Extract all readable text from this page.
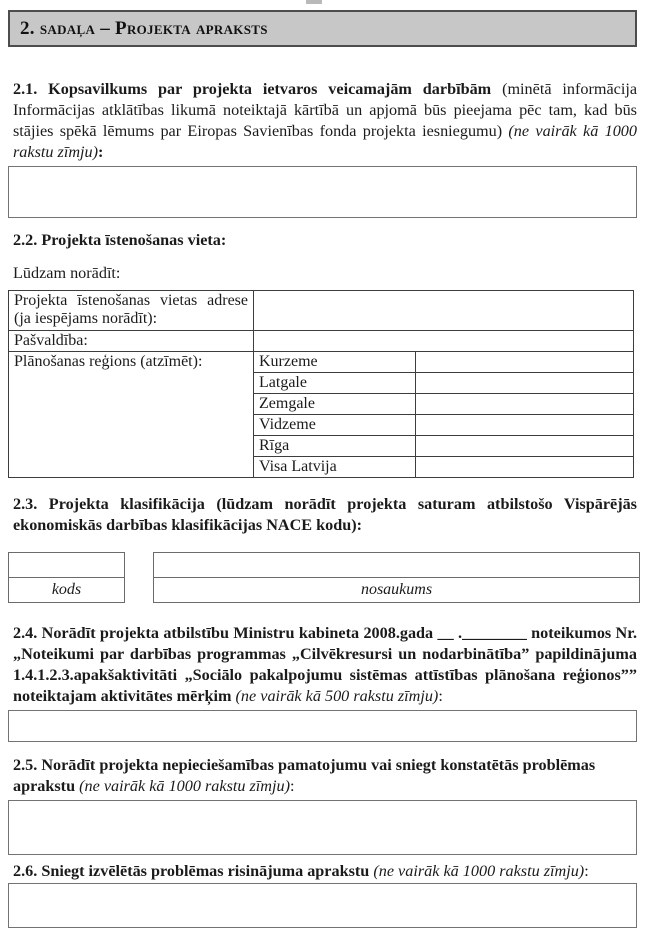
2. sadaļa – Projekta apraksts
2.1. Kopsavilkums par projekta ietvaros veicamajām darbībām (minētā informācija Informācijas atklātības likumā noteiktajā kārtībā un apjomā būs pieejama pēc tam, kad būs stājies spēkā lēmums par Eiropas Savienības fonda projekta iesniegumu) (ne vairāk kā 1000 rakstu zīmju):
2.2. Projekta īstenošanas vieta:
Lūdzam norādīt:
Projekta īstenošanas vietas adrese (ja iespējams norādīt):		
Pašvaldība:		
Plānošanas reģions (atzīmēt):	Kurzeme	
	Latgale	
	Zemgale	
	Vidzeme	
	Rīga	
	Visa Latvija	
2.3. Projekta klasifikācija (lūdzam norādīt projekta saturam atbilstošo Vispārējās ekonomiskās darbības klasifikācijas NACE kodu):

kods	nosaukums
2.4. Norādīt projekta atbilstību Ministru kabineta 2008.gada __ .________ noteikumos Nr. „Noteikumi par darbības programmas „Cilvēkresursi un nodarbinātība” papildinājuma 1.4.1.2.3.apakšaktivitāti „Sociālo pakalpojumu sistēmas attīstības plānošana reģionos”” noteiktajam aktivitātes mērķim (ne vairāk kā 500 rakstu zīmju):
2.5. Norādīt projekta nepieciešamības pamatojumu vai sniegt konstatētās problēmas aprakstu (ne vairāk kā 1000 rakstu zīmju):
2.6. Sniegt izvēlētās problēmas risinājuma aprakstu (ne vairāk kā 1000 rakstu zīmju):
